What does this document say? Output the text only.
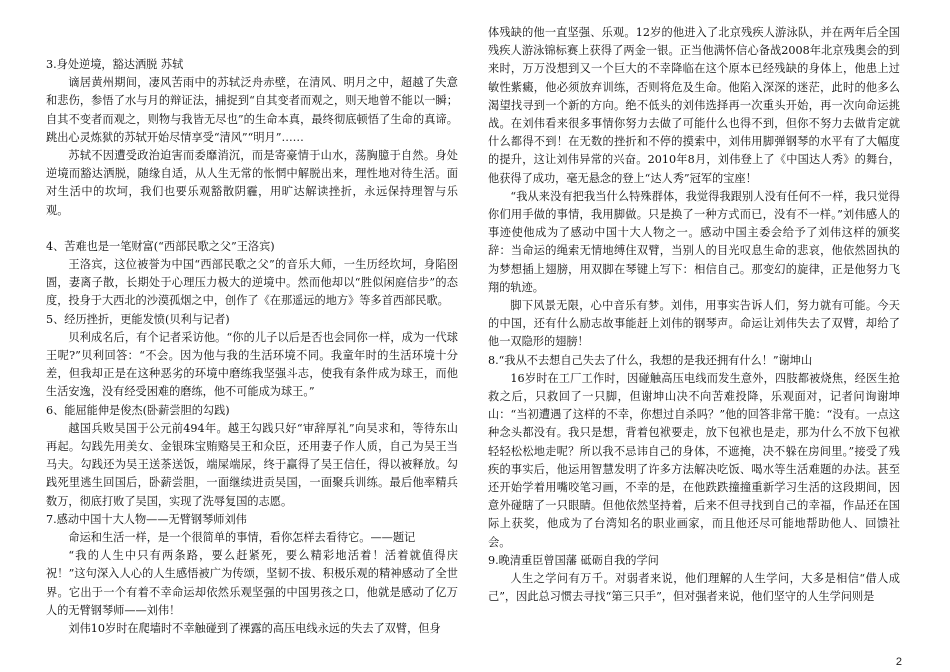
3.身处逆境，豁达洒脱 苏轼

谪居黄州期间，凄风苦雨中的苏轼泛舟赤壁，在清风、明月之中，超越了失意和悲伤，参悟了水与月的辩证法，捕捉到“自其变者而观之，则天地曾不能以一瞬；自其不变者而观之，则物与我皆无尽也”的生命本真，最终彻底顿悟了生命的真谛。跳出心灵炼狱的苏轼开始尽情享受“清风”“明月”……

苏轼不因遭受政治迫害而委靡消沉，而是寄豪情于山水，荡胸臆于自然。身处逆境而豁达洒脱，随缘自适，从人生无常的怅惘中解脱出来，理性地对待生活。面对生活中的坎坷，我们也要乐观豁散阴霾，用旷达解读挫折，永远保持理智与乐观。

4、苦难也是一笔财富(“西部民歌之父”王洛宾)

王洛宾，这位被誉为中国“西部民歌之父”的音乐大师，一生历经坎坷，身陷囹圄，妻离子散，长期处于心理压力极大的逆境中。然而他却以“胜似闲庭信步”的态度，投身于大西北的沙漠孤烟之中，创作了《在那遥远的地方》等多首西部民歌。

5、经历挫折，更能发愤(贝利与记者)

贝利成名后，有个记者采访他。“你的儿子以后是否也会同你一样，成为一代球王呢?”贝利回答：“不会。因为他与我的生活环境不同。我童年时的生活环境十分差，但我却正是在这种恶劣的环境中磨练我坚强斗志，使我有条件成为球王，而他生活安逸，没有经受困难的磨练，他不可能成为球王。”

6、能屈能伸是俊杰(卧薪尝胆的勾践)

越国兵败吴国于公元前494年。越王勾践只好“审辞厚礼”向吴求和，等待东山再起。勾践先用美女、金银珠宝贿赂吴王和众臣，还用妻子作人质，自己为吴王当马夫。勾践还为吴王送茶送饭，端屎端尿，终于赢得了吴王信任，得以被释放。勾践死里逃生回国后，卧薪尝胆，一面继续进贡吴国，一面聚兵训练。最后他率精兵数万，彻底打败了吴国，实现了洗辱复国的志愿。

7.感动中国十大人物——无臂钢琴师刘伟

命运和生活一样，是一个很简单的事情，看你怎样去看待它。——题记

“我的人生中只有两条路，要么赶紧死，要么精彩地活着！活着就值得庆祝！”这句深入人心的人生感悟被广为传颂，坚韧不拔、积极乐观的精神感动了全世界。它出于一个有着不幸命运却依然乐观坚强的中国男孩之口，他就是感动了亿万人的无臂钢琴师——刘伟！

刘伟10岁时在爬墙时不幸触碰到了裸露的高压电线永远的失去了双臂，但身

体残缺的他一直坚强、乐观。12岁的他进入了北京残疾人游泳队，并在两年后全国残疾人游泳锦标赛上获得了两金一银。正当他满怀信心备战2008年北京残奥会的到来时，万万没想到又一个巨大的不幸降临在这个原本已经残缺的身体上，他患上过敏性紫癜，他必须放弃训练，否则将危及生命。他陷入深深的迷茫，此时的他多么渴望找寻到一个新的方向。绝不低头的刘伟选择再一次重头开始，再一次向命运挑战。在刘伟看来很多事情你努力去做了可能什么也得不到，但你不努力去做肯定就什么都得不到！在无数的挫折和不停的摸索中，刘伟用脚弹钢琴的水平有了大幅度的提升，这让刘伟异常的兴奋。2010年8月，刘伟登上了《中国达人秀》的舞台，他获得了成功，毫无悬念的登上“达人秀”冠军的宝座！

“我从来没有把我当什么特殊群体，我觉得我跟别人没有任何不一样，我只觉得你们用手做的事情，我用脚做。只是换了一种方式而已，没有不一样。”刘伟感人的事迹使他成为了感动中国十大人物之一。感动中国主委会给予了刘伟这样的颁奖辞：当命运的绳索无情地缚住双臂，当别人的目光叹息生命的悲哀，他依然固执的为梦想插上翅膀，用双脚在琴键上写下：相信自己。那变幻的旋律，正是他努力飞翔的轨迹。

脚下风景无限，心中音乐有梦。刘伟，用事实告诉人们，努力就有可能。今天的中国，还有什么励志故事能赶上刘伟的钢琴声。命运让刘伟失去了双臂，却给了他一双隐形的翅膀！

8.“我从不去想自己失去了什么，我想的是我还拥有什么！”谢坤山

16岁时在工厂工作时，因碰触高压电线而发生意外，四肢都被烧焦，经医生抢救之后，只救回了一只脚，但谢坤山决不向苦难投降，乐观面对，记者问询谢坤山：“当初遭遇了这样的不幸，你想过自杀吗？”他的回答非常干脆：“没有。一点这种念头都没有。我只是想，背着包袱要走，放下包袱也是走，那为什么不放下包袱轻轻松松地走呢？所以我不忌讳自己的身体，不遮掩，决不躲在房间里。”接受了残疾的事实后，他运用智慧发明了许多方法解决吃饭、喝水等生活难题的办法。甚至还开始学着用嘴咬笔习画，不幸的是，在他跌跌撞撞重新学习生活的这段期间，因意外碰瞎了一只眼睛。但他依然坚持着，后来不但寻找到自己的幸福，作品还在国际上获奖，他成为了台湾知名的职业画家，而且他还尽可能地帮助他人、回馈社会。

9.晚清重臣曾国藩 砥砺自我的学问

人生之学问有万千。对弱者来说，他们理解的人生学问，大多是相信“借人成己”，因此总习惯去寻找“第三只手”，但对强者来说，他们坚守的人生学问则是

2
